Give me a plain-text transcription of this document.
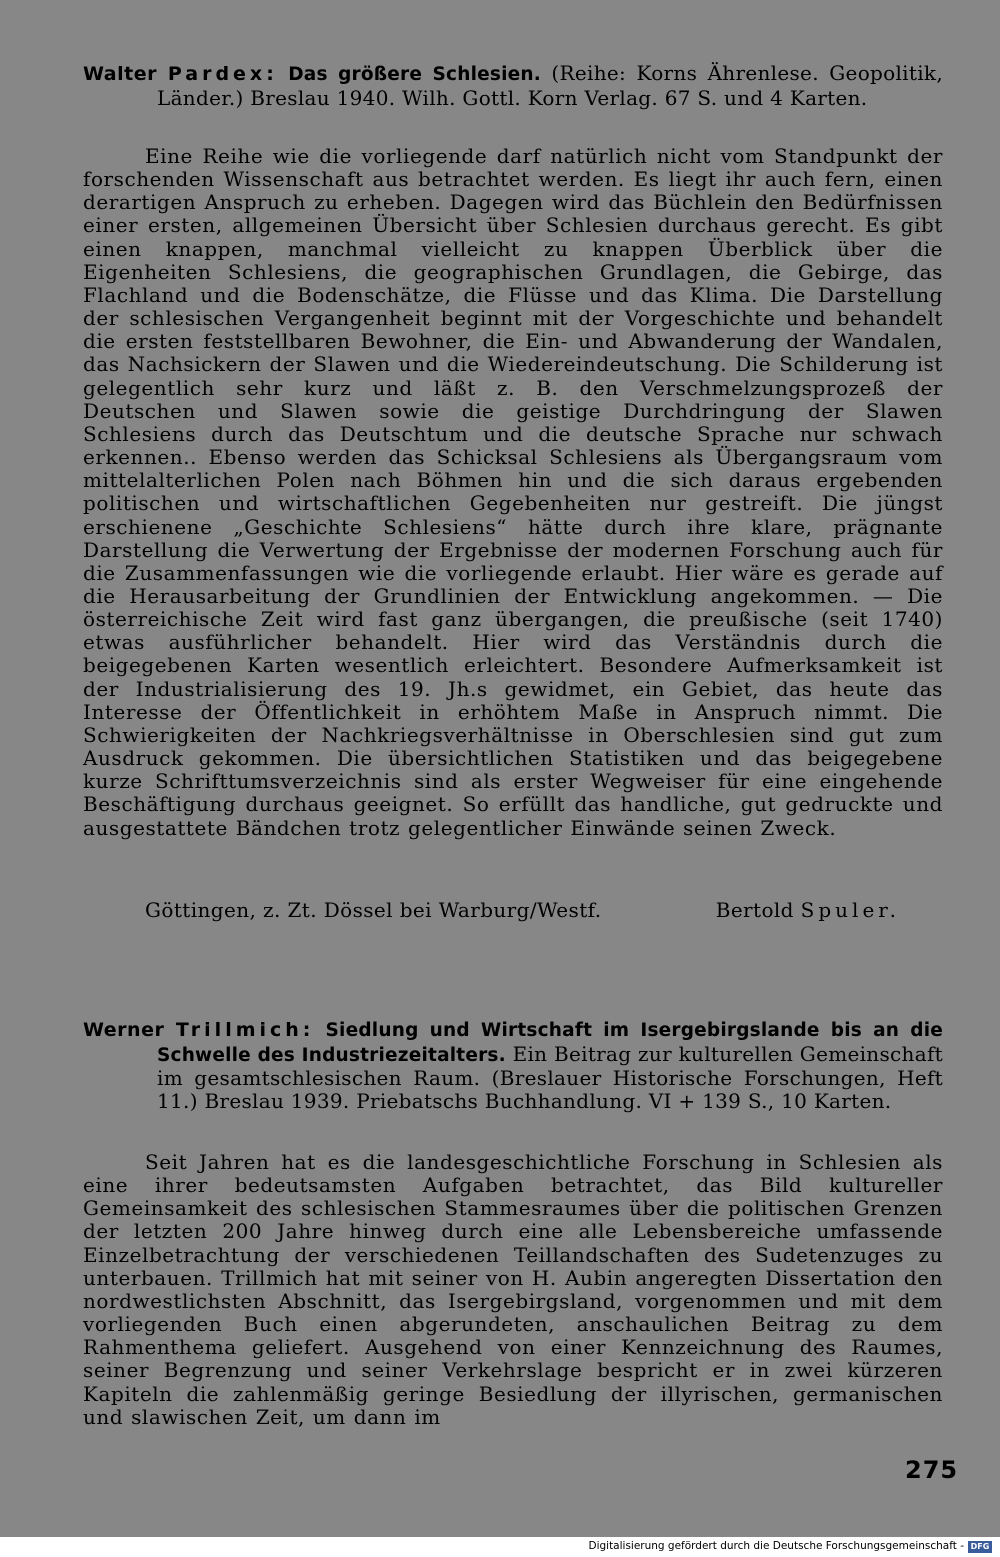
Walter Pardex: Das größere Schlesien. (Reihe: Korns Ährenlese. Geopolitik, Länder.) Breslau 1940. Wilh. Gottl. Korn Verlag. 67 S. und 4 Karten.

Eine Reihe wie die vorliegende darf natürlich nicht vom Standpunkt der forschenden Wissenschaft aus betrachtet werden. Es liegt ihr auch fern, einen derartigen Anspruch zu erheben. Dagegen wird das Büchlein den Bedürfnissen einer ersten, allgemeinen Übersicht über Schlesien durchaus gerecht. Es gibt einen knappen, manchmal vielleicht zu knappen Überblick über die Eigenheiten Schlesiens, die geographischen Grundlagen, die Gebirge, das Flachland und die Bodenschätze, die Flüsse und das Klima. Die Darstellung der schlesischen Vergangenheit beginnt mit der Vorgeschichte und behandelt die ersten feststellbaren Bewohner, die Ein- und Abwanderung der Wandalen, das Nachsickern der Slawen und die Wiedereindeutschung. Die Schilderung ist gelegentlich sehr kurz und läßt z. B. den Verschmelzungsprozeß der Deutschen und Slawen sowie die geistige Durchdringung der Slawen Schlesiens durch das Deutschtum und die deutsche Sprache nur schwach erkennen.. Ebenso werden das Schicksal Schlesiens als Übergangsraum vom mittelalterlichen Polen nach Böhmen hin und die sich daraus ergebenden politischen und wirtschaftlichen Gegebenheiten nur gestreift. Die jüngst erschienene „Geschichte Schlesiens“ hätte durch ihre klare, prägnante Darstellung die Verwertung der Ergebnisse der modernen Forschung auch für die Zusammenfassungen wie die vorliegende erlaubt. Hier wäre es gerade auf die Herausarbeitung der Grundlinien der Entwicklung angekommen. — Die österreichische Zeit wird fast ganz übergangen, die preußische (seit 1740) etwas ausführlicher behandelt. Hier wird das Verständnis durch die beigegebenen Karten wesentlich erleichtert. Besondere Aufmerksamkeit ist der Industrialisierung des 19. Jh.s gewidmet, ein Gebiet, das heute das Interesse der Öffentlichkeit in erhöhtem Maße in Anspruch nimmt. Die Schwierigkeiten der Nachkriegsverhältnisse in Oberschlesien sind gut zum Ausdruck gekommen. Die übersichtlichen Statistiken und das beigegebene kurze Schrifttumsverzeichnis sind als erster Wegweiser für eine eingehende Beschäftigung durchaus geeignet. So erfüllt das handliche, gut gedruckte und ausgestattete Bändchen trotz gelegentlicher Einwände seinen Zweck.

Göttingen, z. Zt. Dössel bei Warburg/Westf.	Bertold Spuler.

Werner Trillmich: Siedlung und Wirtschaft im Isergebirgslande bis an die Schwelle des Industriezeitalters. Ein Beitrag zur kulturellen Gemeinschaft im gesamtschlesischen Raum. (Breslauer Historische Forschungen, Heft 11.) Breslau 1939. Priebatschs Buchhandlung. VI + 139 S., 10 Karten.

Seit Jahren hat es die landesgeschichtliche Forschung in Schlesien als eine ihrer bedeutsamsten Aufgaben betrachtet, das Bild kultureller Gemeinsamkeit des schlesischen Stammesraumes über die politischen Grenzen der letzten 200 Jahre hinweg durch eine alle Lebensbereiche umfassende Einzelbetrachtung der verschiedenen Teillandschaften des Sudetenzuges zu unterbauen. Trillmich hat mit seiner von H. Aubin angeregten Dissertation den nordwestlichsten Abschnitt, das Isergebirgsland, vorgenommen und mit dem vorliegenden Buch einen abgerundeten, anschaulichen Beitrag zu dem Rahmenthema geliefert. Ausgehend von einer Kennzeichnung des Raumes, seiner Begrenzung und seiner Verkehrslage bespricht er in zwei kürzeren Kapiteln die zahlenmäßig geringe Besiedlung der illyrischen, germanischen und slawischen Zeit, um dann im

275
Digitalisierung gefördert durch die Deutsche Forschungsgemeinschaft - DFG
